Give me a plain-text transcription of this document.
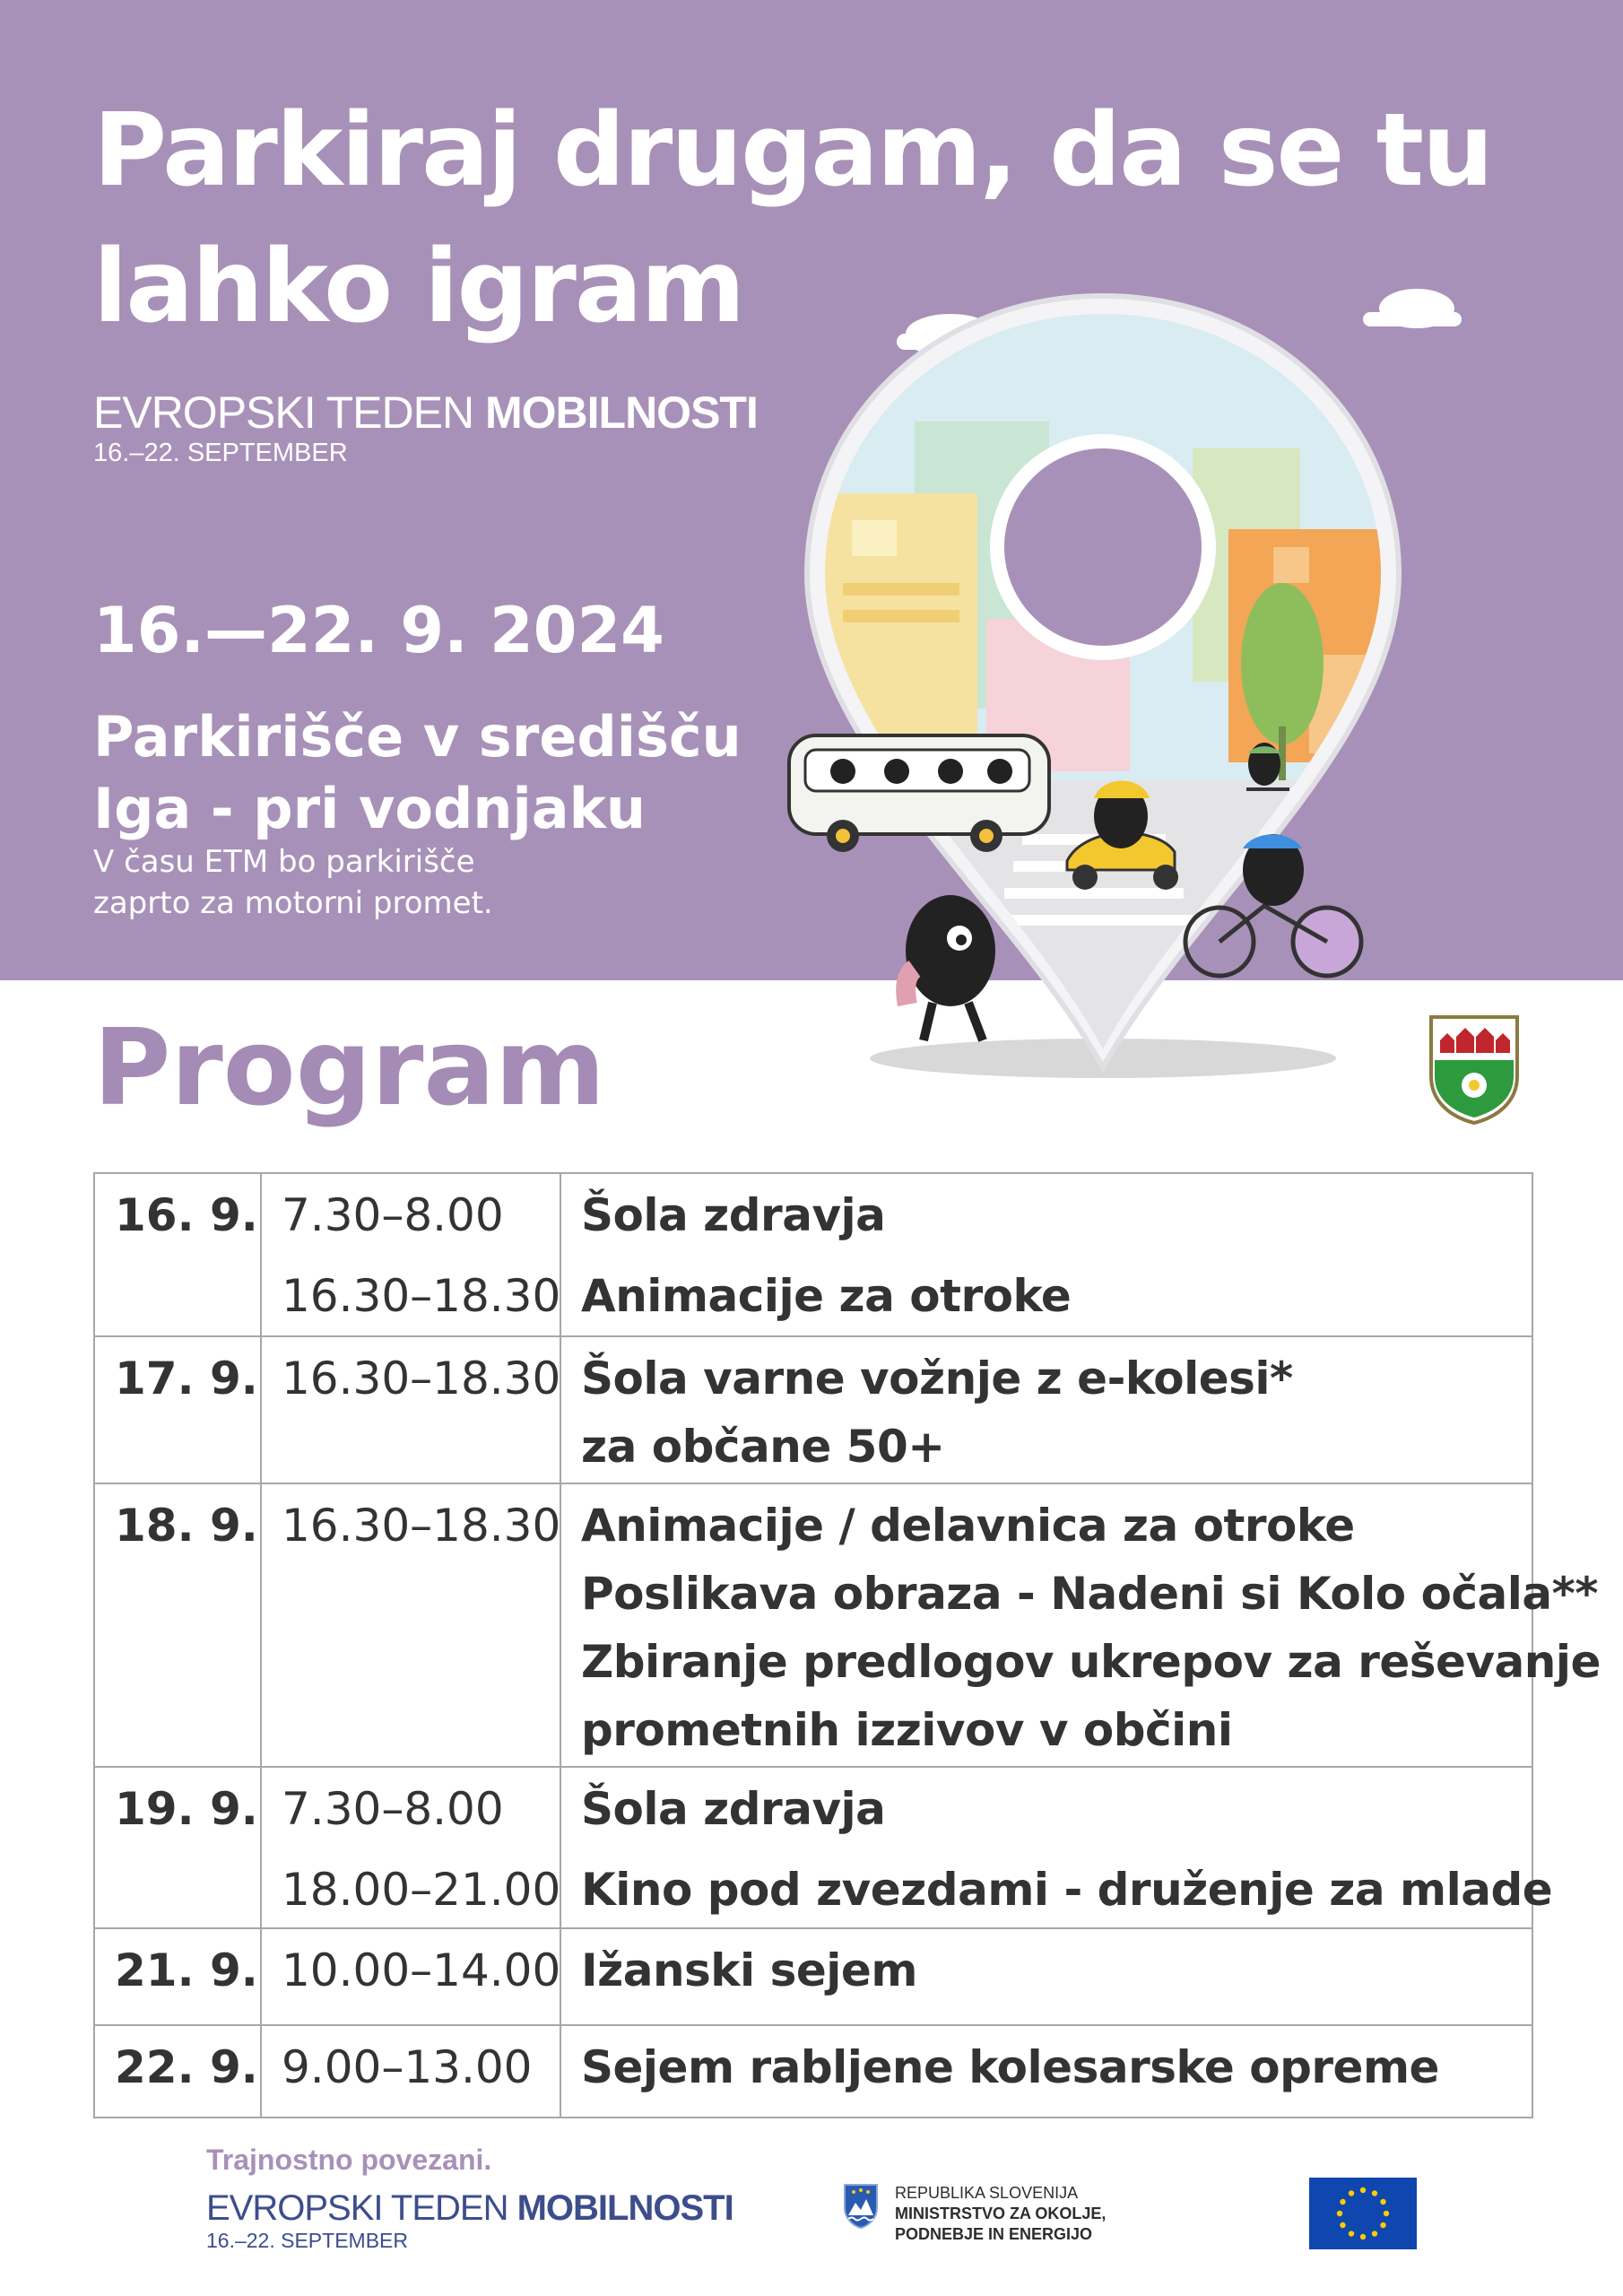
Parkiraj drugam, da se tu
lahko igram
EVROPSKI TEDEN MOBILNOSTI
16.–22. SEPTEMBER
16.—22. 9. 2024
Parkirišče v središču
Iga - pri vodnjaku
V času ETM bo parkirišče
zaprto za motorni promet.
Program
16. 9. 7.30–8.00
16.30–18.30
Šola zdravja
Animacije za otroke
17. 9. 16.30–18.30 Šola varne vožnje z e-kolesi*
za občane 50+
18. 9. 16.30–18.30 Animacije / delavnica za otroke
Poslikava obraza - Nadeni si Kolo očala**
Zbiranje predlogov ukrepov za reševanje
prometnih izzivov v občini
19. 9. 7.30–8.00
18.00–21.00
Šola zdravja
Kino pod zvezdami - druženje za mlade
21. 9. 10.00–14.00 Ižanski sejem
22. 9. 9.00–13.00 Sejem rabljene kolesarske opreme
Trajnostno povezani.
EVROPSKI TEDEN MOBILNOSTI
16.–22. SEPTEMBER
REPUBLIKA SLOVENIJA
MINISTRSTVO ZA OKOLJE,
PODNEBJE IN ENERGIJO
